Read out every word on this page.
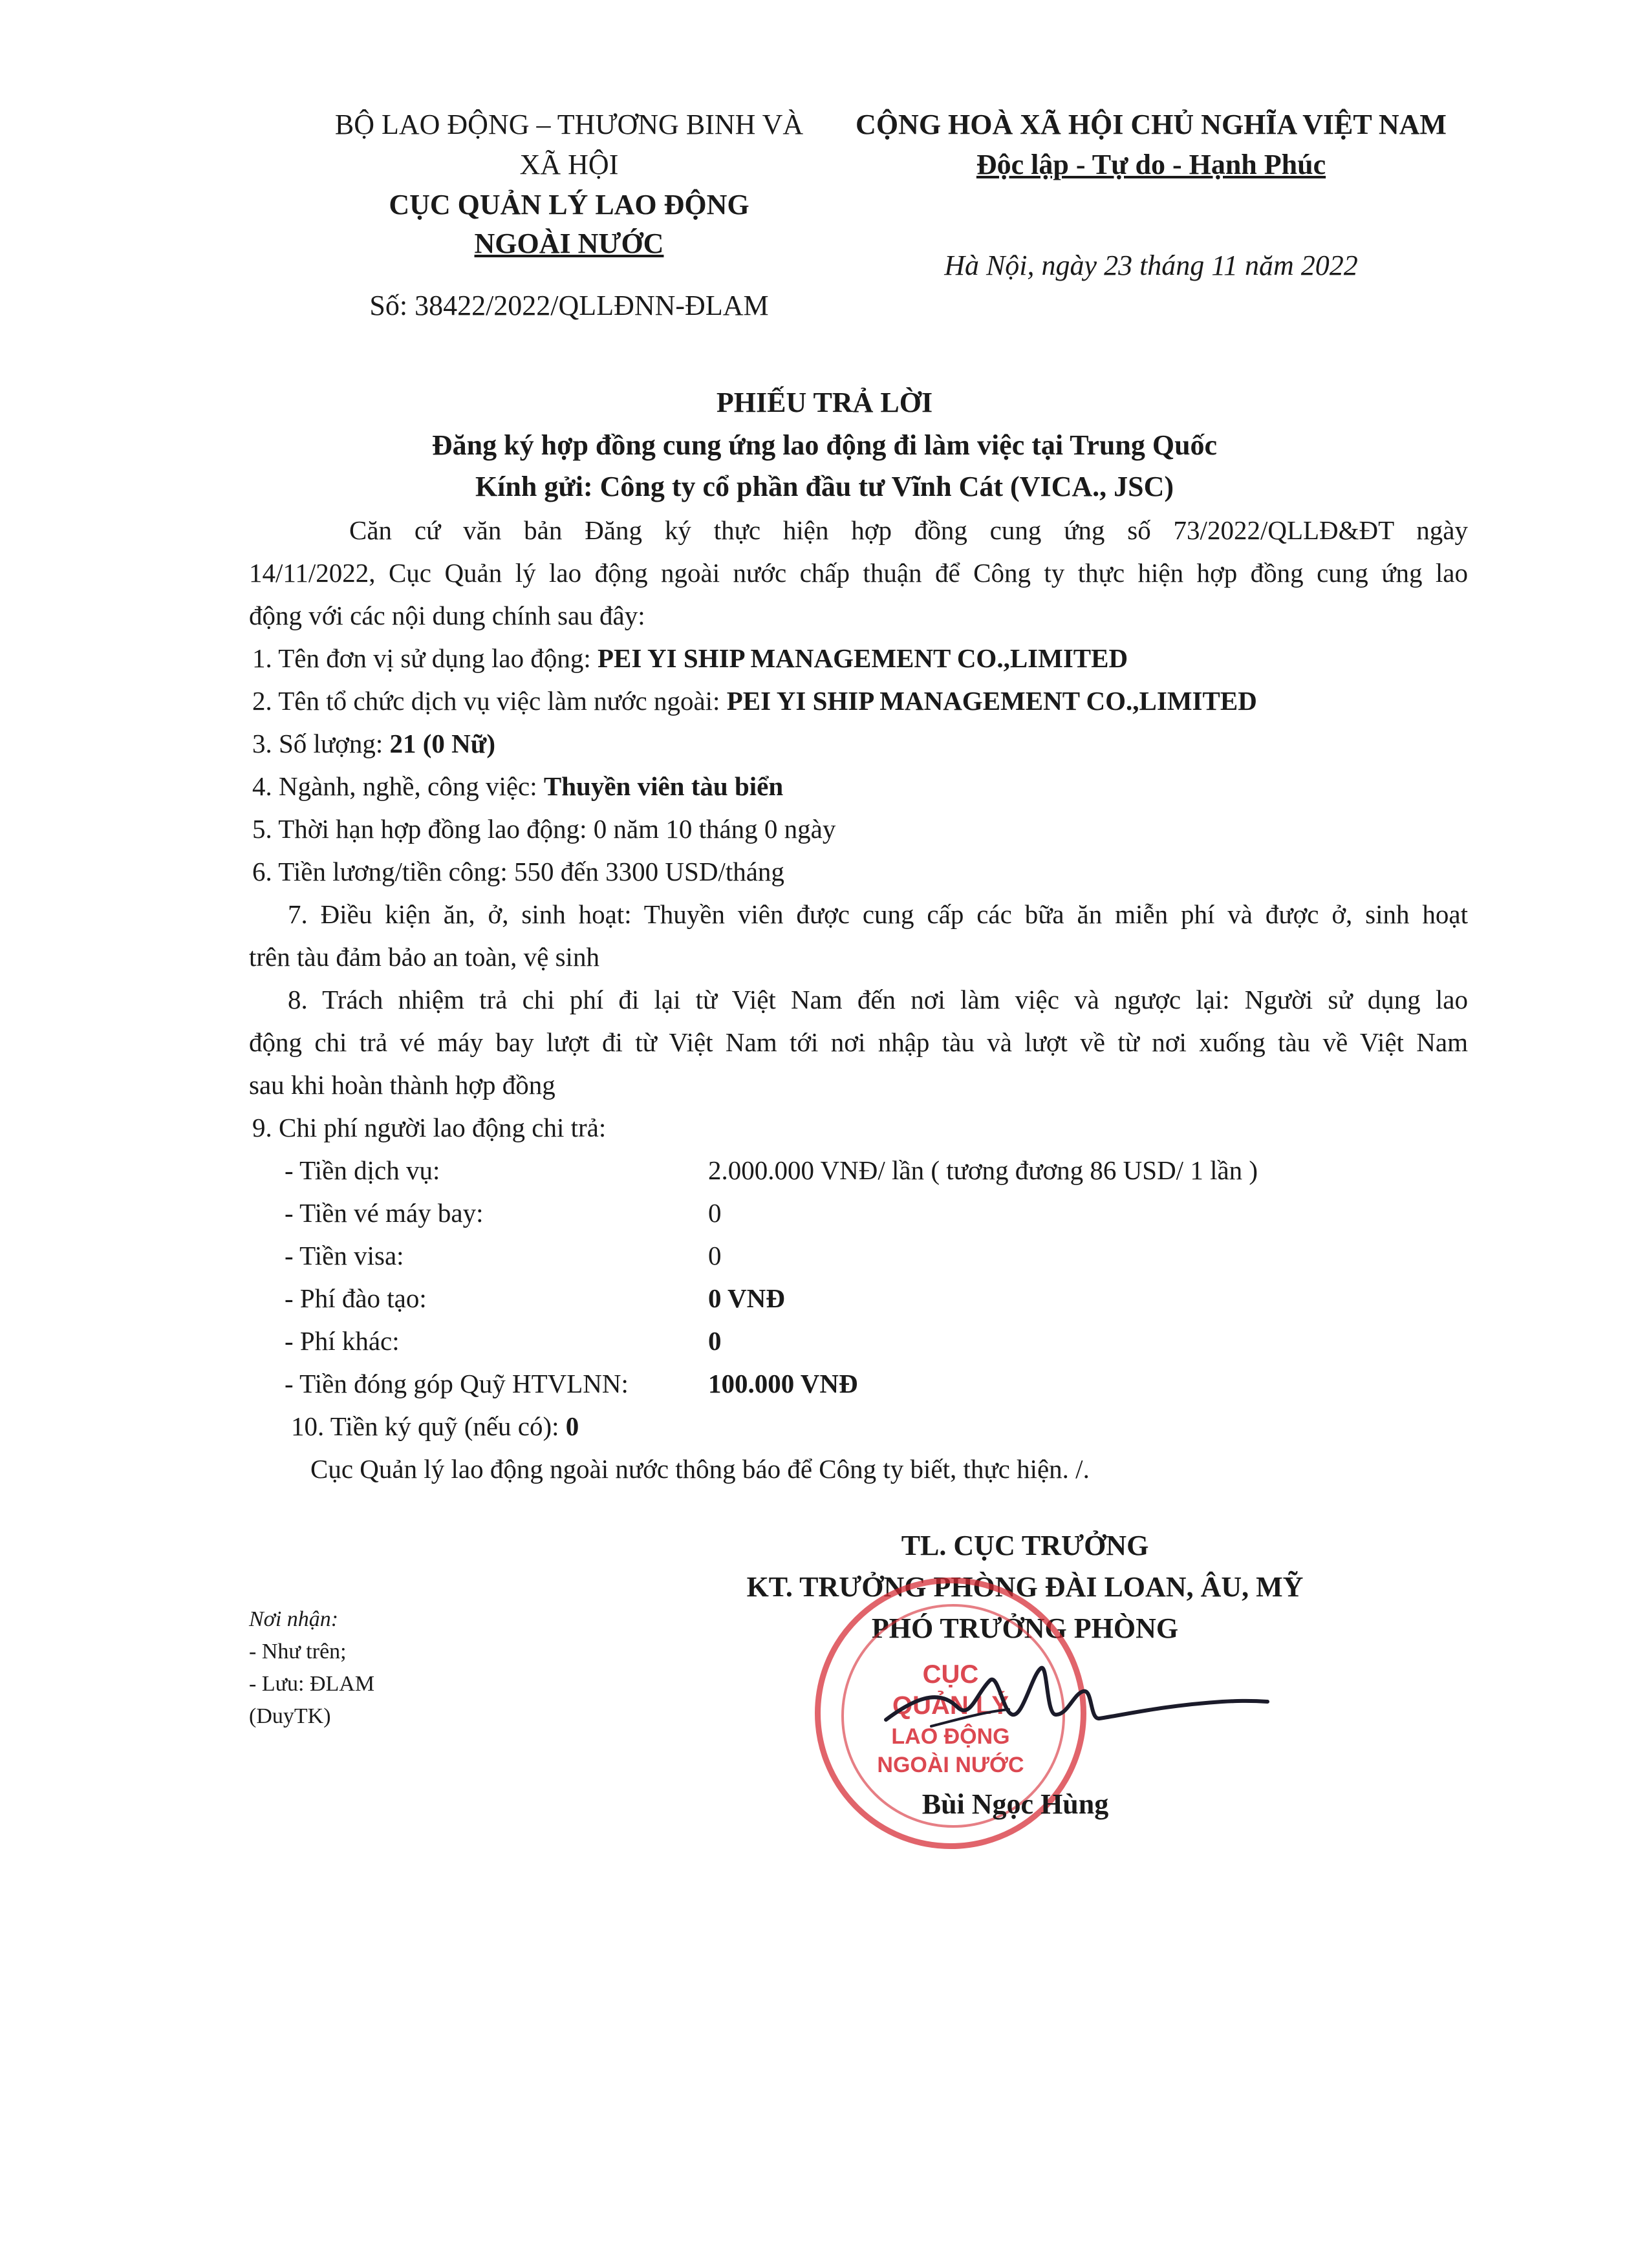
BỘ LAO ĐỘNG – THƯƠNG BINH VÀ
XÃ HỘI
CỤC QUẢN LÝ LAO ĐỘNG
NGOÀI NƯỚC
Số: 38422/2022/QLLĐNN-ĐLAM
CỘNG HOÀ XÃ HỘI CHỦ NGHĨA VIỆT NAM
Độc lập - Tự do - Hạnh Phúc
Hà Nội, ngày 23 tháng 11 năm 2022
PHIẾU TRẢ LỜI
Đăng ký hợp đồng cung ứng lao động đi làm việc tại Trung Quốc
Kính gửi: Công ty cổ phần đầu tư Vĩnh Cát (VICA., JSC)
Căn cứ văn bản Đăng ký thực hiện hợp đồng cung ứng số 73/2022/QLLĐ&ĐT ngày
14/11/2022, Cục Quản lý lao động ngoài nước chấp thuận để Công ty thực hiện hợp đồng cung ứng lao
động với các nội dung chính sau đây:
1. Tên đơn vị sử dụng lao động: PEI YI SHIP MANAGEMENT CO.,LIMITED
2. Tên tổ chức dịch vụ việc làm nước ngoài: PEI YI SHIP MANAGEMENT CO.,LIMITED
3. Số lượng: 21 (0 Nữ)
4. Ngành, nghề, công việc: Thuyền viên tàu biển
5. Thời hạn hợp đồng lao động: 0 năm 10 tháng 0 ngày
6. Tiền lương/tiền công: 550 đến 3300 USD/tháng
7. Điều kiện ăn, ở, sinh hoạt: Thuyền viên được cung cấp các bữa ăn miễn phí và được ở, sinh hoạt
trên tàu đảm bảo an toàn, vệ sinh
8. Trách nhiệm trả chi phí đi lại từ Việt Nam đến nơi làm việc và ngược lại: Người sử dụng lao
động chi trả vé máy bay lượt đi từ Việt Nam tới nơi nhập tàu và lượt về từ nơi xuống tàu về Việt Nam
sau khi hoàn thành hợp đồng
9. Chi phí người lao động chi trả:
- Tiền dịch vụ:	2.000.000 VNĐ/ lần ( tương đương 86 USD/ 1 lần )
- Tiền vé máy bay:	0
- Tiền visa:	0
- Phí đào tạo:	0 VNĐ
- Phí khác:	0
- Tiền đóng góp Quỹ HTVLNN:	100.000 VNĐ
10. Tiền ký quỹ (nếu có): 0
Cục Quản lý lao động ngoài nước thông báo để Công ty biết, thực hiện. /.
TL. CỤC TRƯỞNG
KT. TRƯỞNG PHÒNG ĐÀI LOAN, ÂU, MỸ
PHÓ TRƯỞNG PHÒNG
CỤC
QUẢN LÝ
LAO ĐỘNG
NGOÀI NƯỚC
Bùi Ngọc Hùng
Nơi nhận:
- Như trên;
- Lưu: ĐLAM
(DuyTK)
